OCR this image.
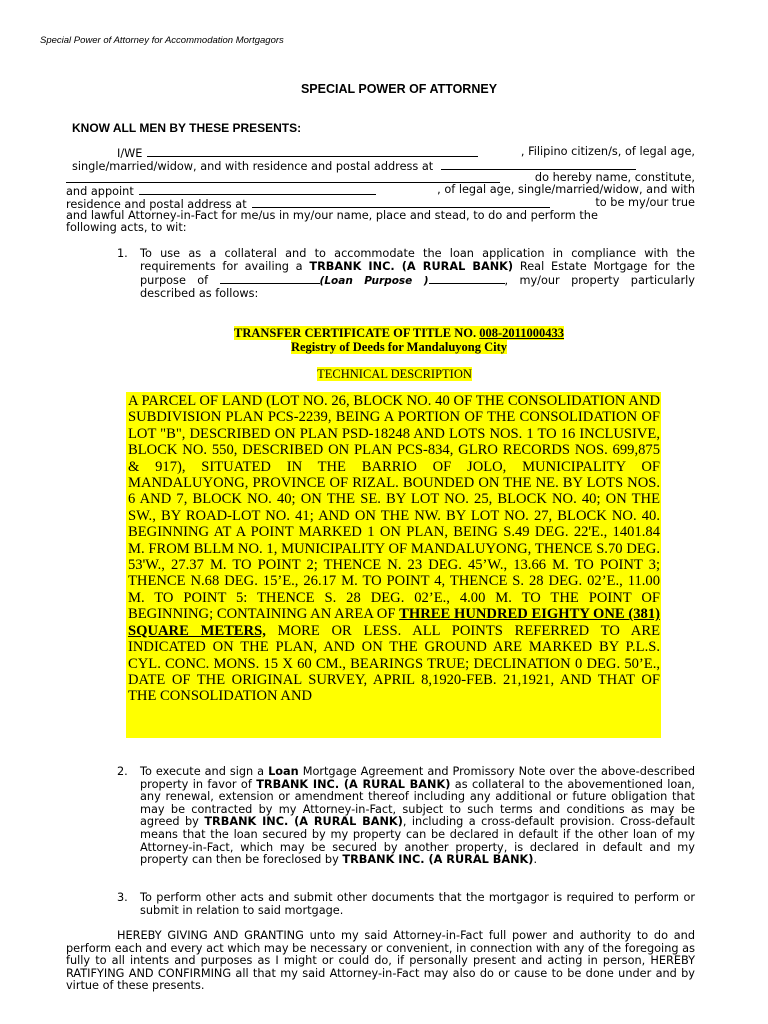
Special Power of Attorney for Accommodation Mortgagors
SPECIAL POWER OF ATTORNEY
KNOW ALL MEN BY THESE PRESENTS:
I/WE	, Filipino citizen/s, of legal age,
single/married/widow, and with residence and postal address at
do hereby name, constitute,
and appoint	, of legal age, single/married/widow, and with
residence and postal address at	to be my/our true
and lawful Attorney-in-Fact for me/us in my/our name, place and stead, to do and perform the
following acts, to wit:
1. To use as a collateral and to accommodate the loan application in compliance with the requirements for availing a TRBANK INC. (A RURAL BANK) Real Estate Mortgage for the purpose of	(Loan Purpose )	, my/our property particularly described as follows:
TRANSFER CERTIFICATE OF TITLE NO. 008-2011000433
Registry of Deeds for Mandaluyong City
TECHNICAL DESCRIPTION
A PARCEL OF LAND (LOT NO. 26, BLOCK NO. 40 OF THE CONSOLIDATION AND SUBDIVISION PLAN PCS-2239, BEING A PORTION OF THE CONSOLIDATION OF LOT "B", DESCRIBED ON PLAN PSD-18248 AND LOTS NOS. 1 TO 16 INCLUSIVE, BLOCK NO. 550, DESCRIBED ON PLAN PCS-834, GLRO RECORDS NOS. 699,875 & 917), SITUATED IN THE BARRIO OF JOLO, MUNICIPALITY OF MANDALUYONG, PROVINCE OF RIZAL. BOUNDED ON THE NE. BY LOTS NOS. 6 AND 7, BLOCK NO. 40; ON THE SE. BY LOT NO. 25, BLOCK NO. 40; ON THE SW., BY ROAD-LOT NO. 41; AND ON THE NW. BY LOT NO. 27, BLOCK NO. 40. BEGINNING AT A POINT MARKED 1 ON PLAN, BEING S.49 DEG. 22'E., 1401.84 M. FROM BLLM NO. 1, MUNICIPALITY OF MANDALUYONG, THENCE S.70 DEG. 53'W., 27.37 M. TO POINT 2; THENCE N. 23 DEG. 45’W., 13.66 M. TO POINT 3; THENCE N.68 DEG. 15’E., 26.17 M. TO POINT 4, THENCE S. 28 DEG. 02’E., 11.00 M. TO POINT 5: THENCE S. 28 DEG. 02’E., 4.00 M. TO THE POINT OF BEGINNING; CONTAINING AN AREA OF THREE HUNDRED EIGHTY ONE (381) SQUARE METERS, MORE OR LESS. ALL POINTS REFERRED TO ARE INDICATED ON THE PLAN, AND ON THE GROUND ARE MARKED BY P.L.S. CYL. CONC. MONS. 15 X 60 CM., BEARINGS TRUE; DECLINATION 0 DEG. 50’E., DATE OF THE ORIGINAL SURVEY, APRIL 8,1920-FEB. 21,1921, AND THAT OF THE CONSOLIDATION AND
2. To execute and sign a Loan Mortgage Agreement and Promissory Note over the above-described property in favor of TRBANK INC. (A RURAL BANK) as collateral to the abovementioned loan, any renewal, extension or amendment thereof including any additional or future obligation that may be contracted by my Attorney-in-Fact, subject to such terms and conditions as may be agreed by TRBANK INC. (A RURAL BANK), including a cross-default provision. Cross-default means that the loan secured by my property can be declared in default if the other loan of my Attorney-in-Fact, which may be secured by another property, is declared in default and my property can then be foreclosed by TRBANK INC. (A RURAL BANK).
3. To perform other acts and submit other documents that the mortgagor is required to perform or submit in relation to said mortgage.
HEREBY GIVING AND GRANTING unto my said Attorney-in-Fact full power and authority to do and perform each and every act which may be necessary or convenient, in connection with any of the foregoing as fully to all intents and purposes as I might or could do, if personally present and acting in person, HEREBY RATIFYING AND CONFIRMING all that my said Attorney-in-Fact may also do or cause to be done under and by virtue of these presents.
